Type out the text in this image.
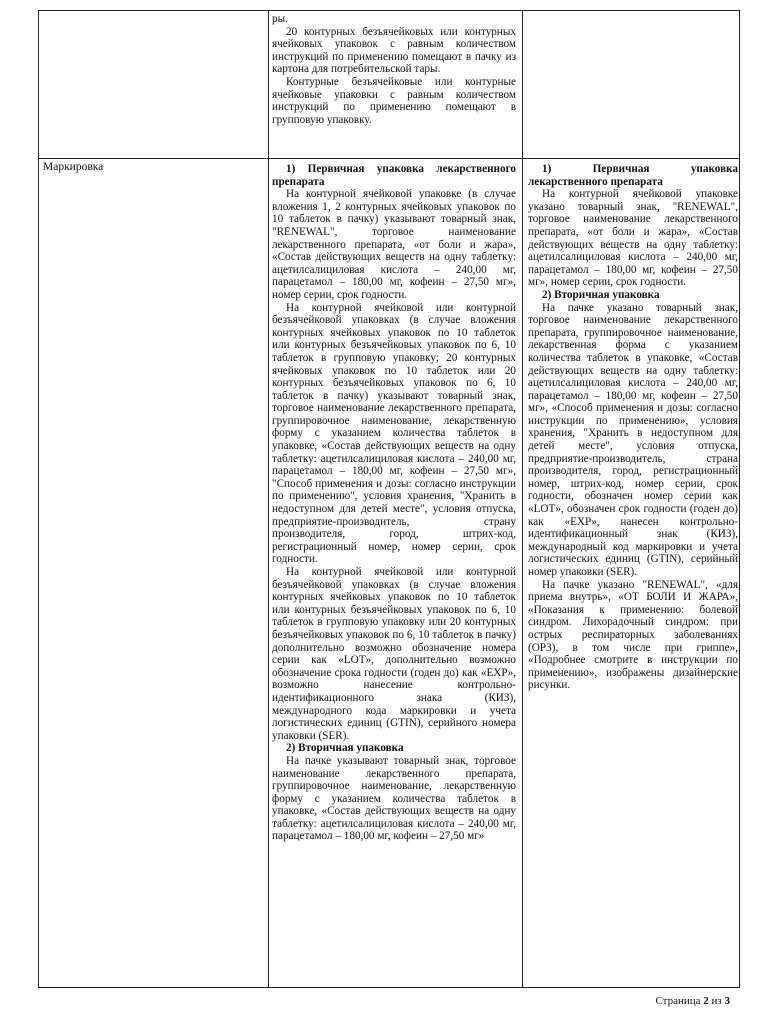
ры.

20 контурных безъячейковых или контурных ячейковых упаковок с равным количеством инструкций по применению помещают в пачку из картона для потребительской тары.

Контурные безъячейковые или контурные ячейковые упаковки с равным количеством инструкций по применению помещают в групповую упаковку.

Маркировка	1) Первичная упаковка лекарственного препарата

На контурной ячейковой упаковке (в случае вложения 1, 2 контурных ячейковых упаковок по 10 таблеток в пачку) указывают товарный знак, "RENEWAL", торговое наименование лекарственного препарата, «от боли и жара», «Состав действующих веществ на одну таблетку: ацетилсалициловая кислота – 240,00 мг, парацетамол – 180,00 мг, кофеин – 27,50 мг», номер серии, срок годности.

На контурной ячейковой или контурной безъячейковой упаковках (в случае вложения контурных ячейковых упаковок по 10 таблеток или контурных безъячейковых упаковок по 6, 10 таблеток в групповую упаковку; 20 контурных ячейковых упаковок по 10 таблеток или 20 контурных безъячейковых упаковок по 6, 10 таблеток в пачку) указывают товарный знак, торговое наименование лекарственного препарата, группировочное наименование, лекарственную форму с указанием количества таблеток в упаковке, «Состав действующих веществ на одну таблетку: ацетилсалициловая кислота – 240,00 мг, парацетамол – 180,00 мг, кофеин – 27,50 мг», "Способ применения и дозы: согласно инструкции по применению", условия хранения, "Хранить в недоступном для детей месте", условия отпуска, предприятие-производитель, страну производителя, город, штрих-код, регистрационный номер, номер серии, срок годности.

На контурной ячейковой или контурной безъячейковой упаковках (в случае вложения контурных ячейковых упаковок по 10 таблеток или контурных безъячейковых упаковок по 6, 10 таблеток в групповую упаковку или 20 контурных безъячейковых упаковок по 6, 10 таблеток в пачку) дополнительно возможно обозначение номера серии как «LOT», дополнительно возможно обозначение срока годности (годен до) как «EXP», возможно нанесение контрольно-идентификационного знака (КИЗ), международного кода маркировки и учета логистических единиц (GTIN), серийного номера упаковки (SER).

2) Вторичная упаковка

На пачке указывают товарный знак, торговое наименование лекарственного препарата, группировочное наименование, лекарственную форму с указанием количества таблеток в упаковке, «Состав действующих веществ на одну таблетку: ацетилсалициловая кислота – 240,00 мг, парацетамол – 180,00 мг, кофеин – 27,50 мг»

1) Первичная упаковка лекарственного препарата

На контурной ячейковой упаковке указано товарный знак, "RENEWAL", торговое наименование лекарственного препарата, «от боли и жара», «Состав действующих веществ на одну таблетку: ацетилсалициловая кислота – 240,00 мг, парацетамол – 180,00 мг, кофеин – 27,50 мг», номер серии, срок годности.

2) Вторичная упаковка

На пачке указано товарный знак, торговое наименование лекарственного препарата, группировочное наименование, лекарственная форма с указанием количества таблеток в упаковке, «Состав действующих веществ на одну таблетку: ацетилсалициловая кислота – 240,00 мг, парацетамол – 180,00 мг, кофеин – 27,50 мг», «Способ применения и дозы: согласно инструкции по применению», условия хранения, "Хранить в недоступном для детей месте", условия отпуска, предприятие-производитель, страна производителя, город, регистрационный номер, штрих-код, номер серии, срок годности, обозначен номер серии как «LOT», обозначен срок годности (годен до) как «EXP», нанесен контрольно-идентификационный знак (КИЗ), международный код маркировки и учета логистических единиц (GTIN), серийный номер упаковки (SER).

На пачке указано "RENEWAL", «для приема внутрь», «ОТ БОЛИ И ЖАРА», «Показания к применению: болевой синдром. Лихорадочный синдром: при острых респираторных заболеваниях (ОРЗ), в том числе при гриппе», «Подробнее смотрите в инструкции по применению», изображены дизайнерские рисунки.

Страница 2 из 3
